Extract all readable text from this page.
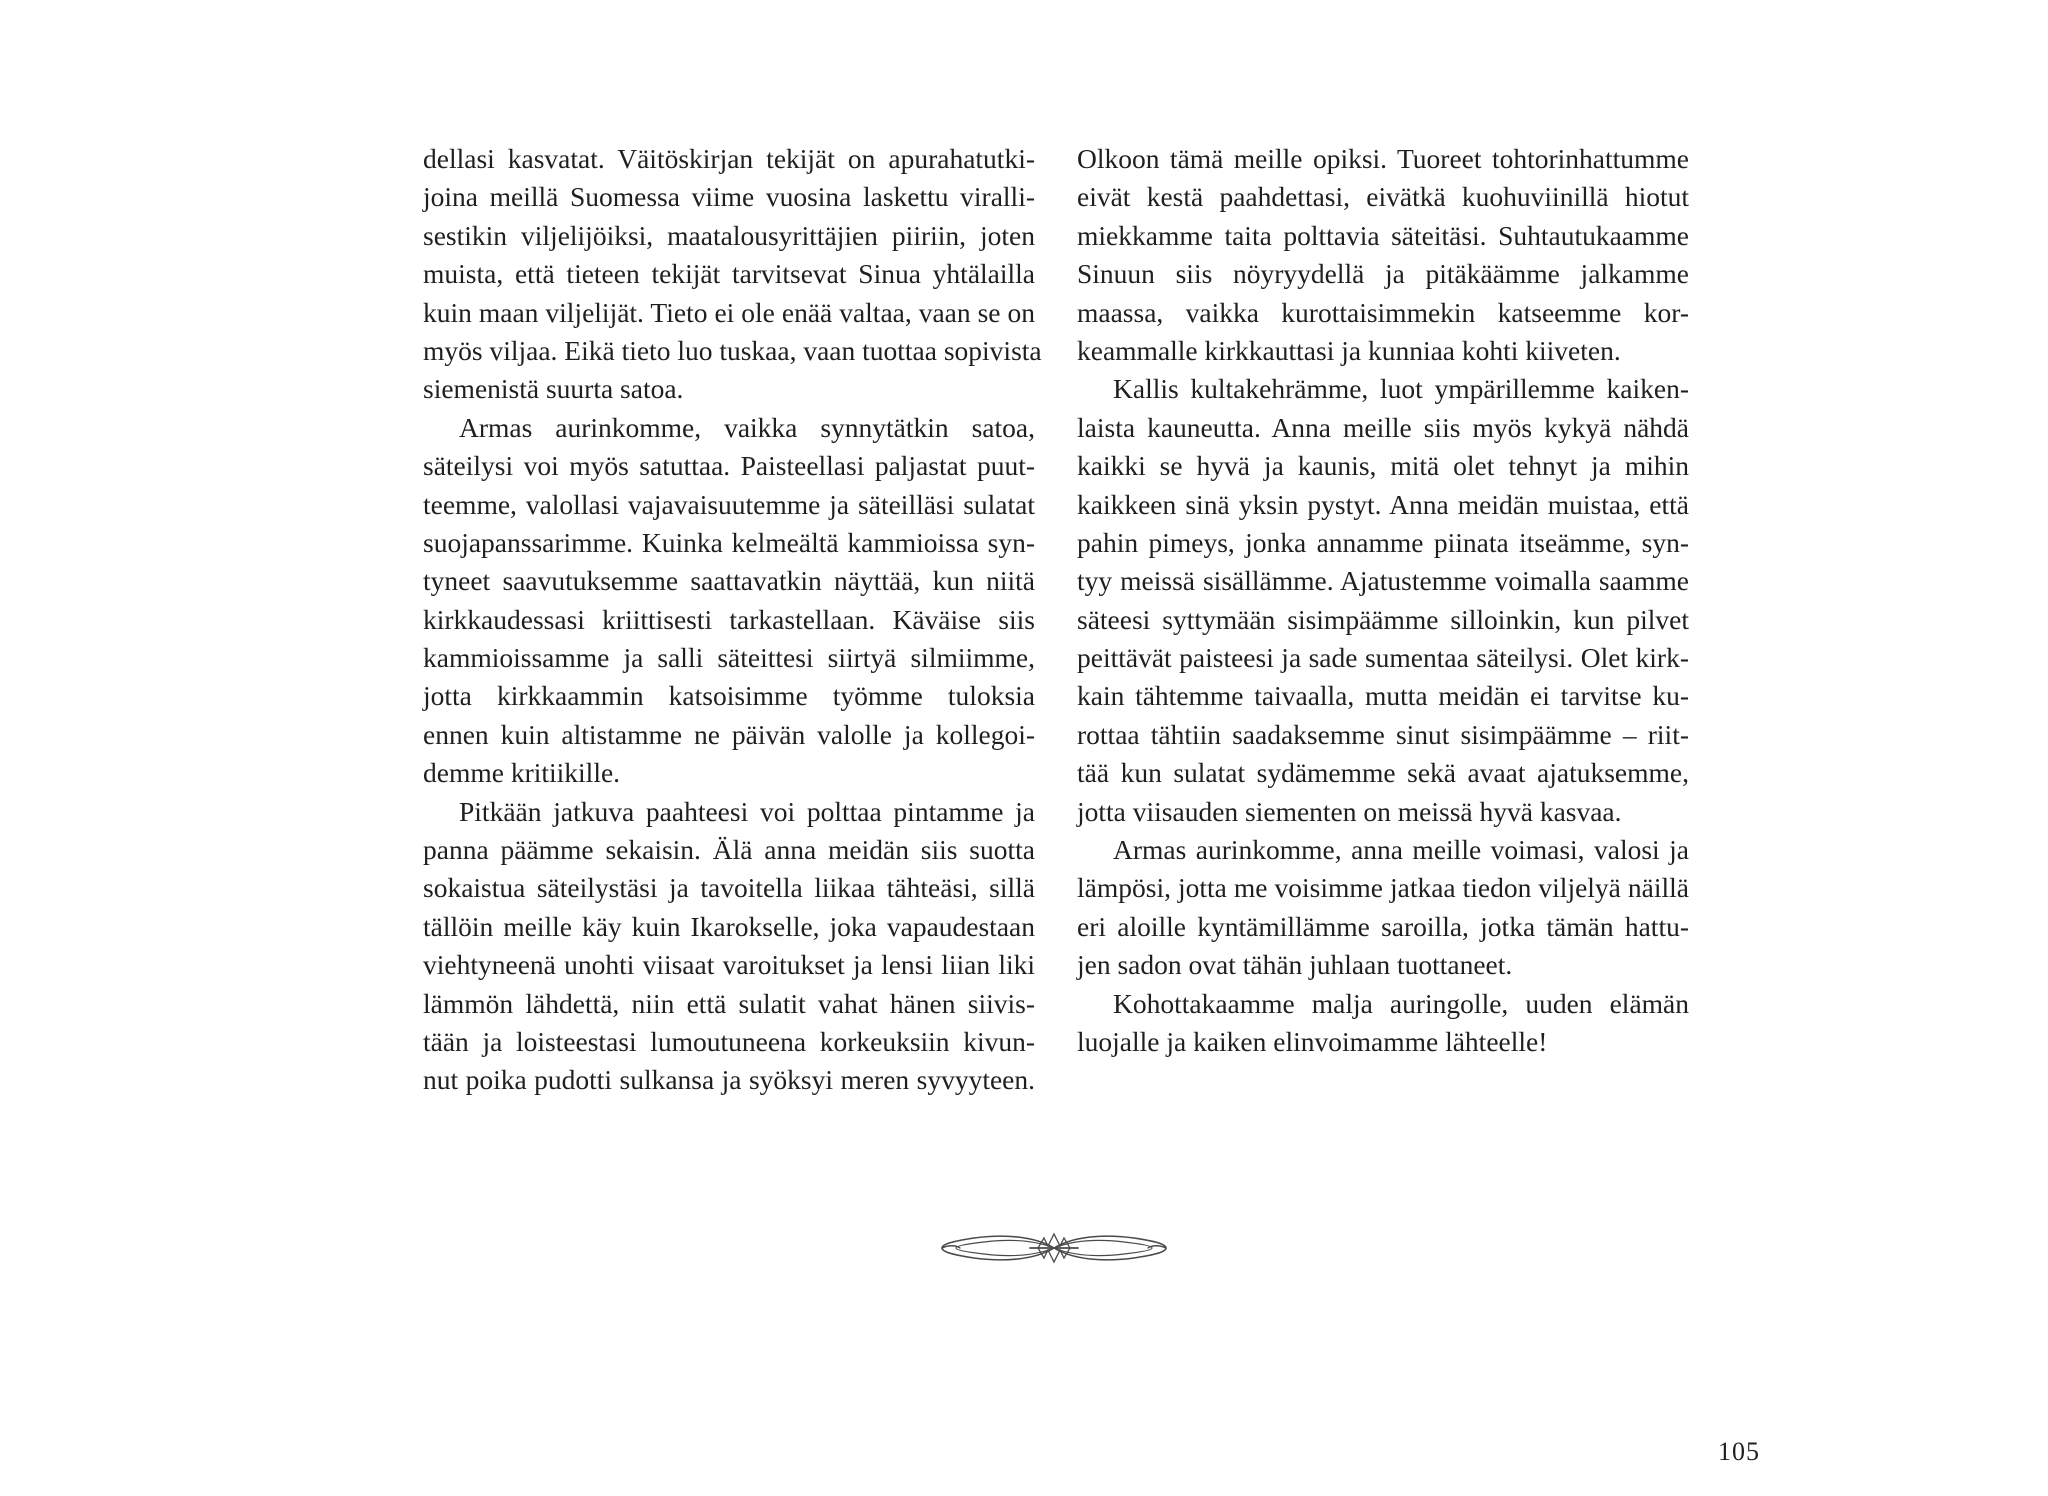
dellasi kasvatat. Väitöskirjan tekijät on apurahatutki-
joina meillä Suomessa viime vuosina laskettu viralli-
sestikin viljelijöiksi, maatalousyrittäjien piiriin, joten
muista, että tieteen tekijät tarvitsevat Sinua yhtälailla
kuin maan viljelijät. Tieto ei ole enää valtaa, vaan se on
myös viljaa. Eikä tieto luo tuskaa, vaan tuottaa sopivista
siemenistä suurta satoa.
Armas aurinkomme, vaikka synnytätkin satoa,
säteilysi voi myös satuttaa. Paisteellasi paljastat puut-
teemme, valollasi vajavaisuutemme ja säteilläsi sulatat
suojapanssarimme. Kuinka kelmeältä kammioissa syn-
tyneet saavutuksemme saattavatkin näyttää, kun niitä
kirkkaudessasi kriittisesti tarkastellaan. Käväise siis
kammioissamme ja salli säteittesi siirtyä silmiimme,
jotta kirkkaammin katsoisimme työmme tuloksia
ennen kuin altistamme ne päivän valolle ja kollegoi-
demme kritiikille.
Pitkään jatkuva paahteesi voi polttaa pintamme ja
panna päämme sekaisin. Älä anna meidän siis suotta
sokaistua säteilystäsi ja tavoitella liikaa tähteäsi, sillä
tällöin meille käy kuin Ikarokselle, joka vapaudestaan
viehtyneenä unohti viisaat varoitukset ja lensi liian liki
lämmön lähdettä, niin että sulatit vahat hänen siivis-
tään ja loisteestasi lumoutuneena korkeuksiin kivun-
nut poika pudotti sulkansa ja syöksyi meren syvyyteen.
Olkoon tämä meille opiksi. Tuoreet tohtorinhattumme
eivät kestä paahdettasi, eivätkä kuohuviinillä hiotut
miekkamme taita polttavia säteitäsi. Suhtautukaamme
Sinuun siis nöyryydellä ja pitäkäämme jalkamme
maassa, vaikka kurottaisimmekin katseemme kor-
keammalle kirkkauttasi ja kunniaa kohti kiiveten.
Kallis kultakehrämme, luot ympärillemme kaiken-
laista kauneutta. Anna meille siis myös kykyä nähdä
kaikki se hyvä ja kaunis, mitä olet tehnyt ja mihin
kaikkeen sinä yksin pystyt. Anna meidän muistaa, että
pahin pimeys, jonka annamme piinata itseämme, syn-
tyy meissä sisällämme. Ajatustemme voimalla saamme
säteesi syttymään sisimpäämme silloinkin, kun pilvet
peittävät paisteesi ja sade sumentaa säteilysi. Olet kirk-
kain tähtemme taivaalla, mutta meidän ei tarvitse ku-
rottaa tähtiin saadaksemme sinut sisimpäämme – riit-
tää kun sulatat sydämemme sekä avaat ajatuksemme,
jotta viisauden siementen on meissä hyvä kasvaa.
Armas aurinkomme, anna meille voimasi, valosi ja
lämpösi, jotta me voisimme jatkaa tiedon viljelyä näillä
eri aloille kyntämillämme saroilla, jotka tämän hattu-
jen sadon ovat tähän juhlaan tuottaneet.
Kohottakaamme malja auringolle, uuden elämän
luojalle ja kaiken elinvoimamme lähteelle!
105
